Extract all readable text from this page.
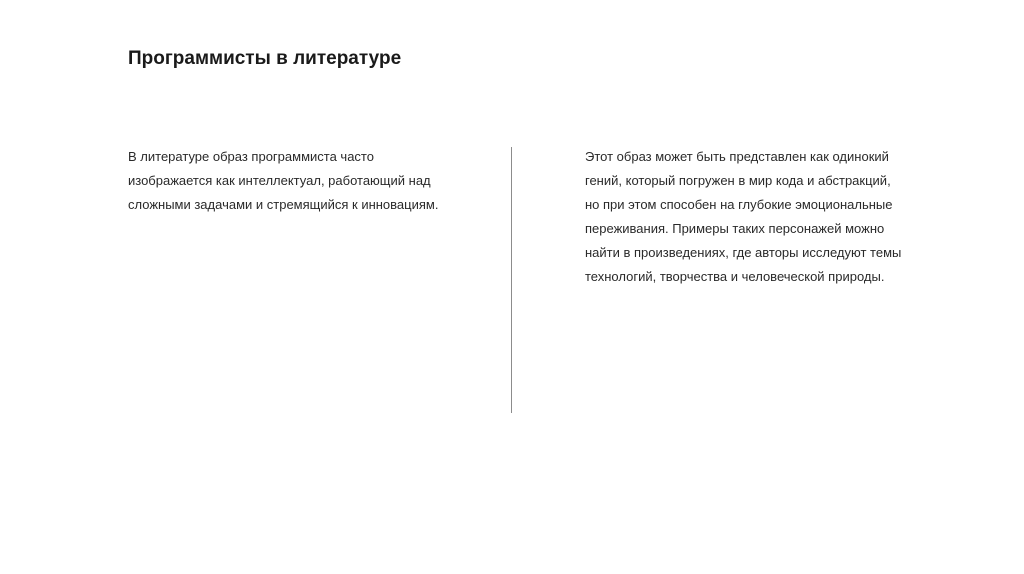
Программисты в литературе

В литературе образ программиста часто
изображается как интеллектуал, работающий над
сложными задачами и стремящийся к инновациям.

Этот образ может быть представлен как одинокий
гений, который погружен в мир кода и абстракций,
но при этом способен на глубокие эмоциональные
переживания. Примеры таких персонажей можно
найти в произведениях, где авторы исследуют темы
технологий, творчества и человеческой природы.
